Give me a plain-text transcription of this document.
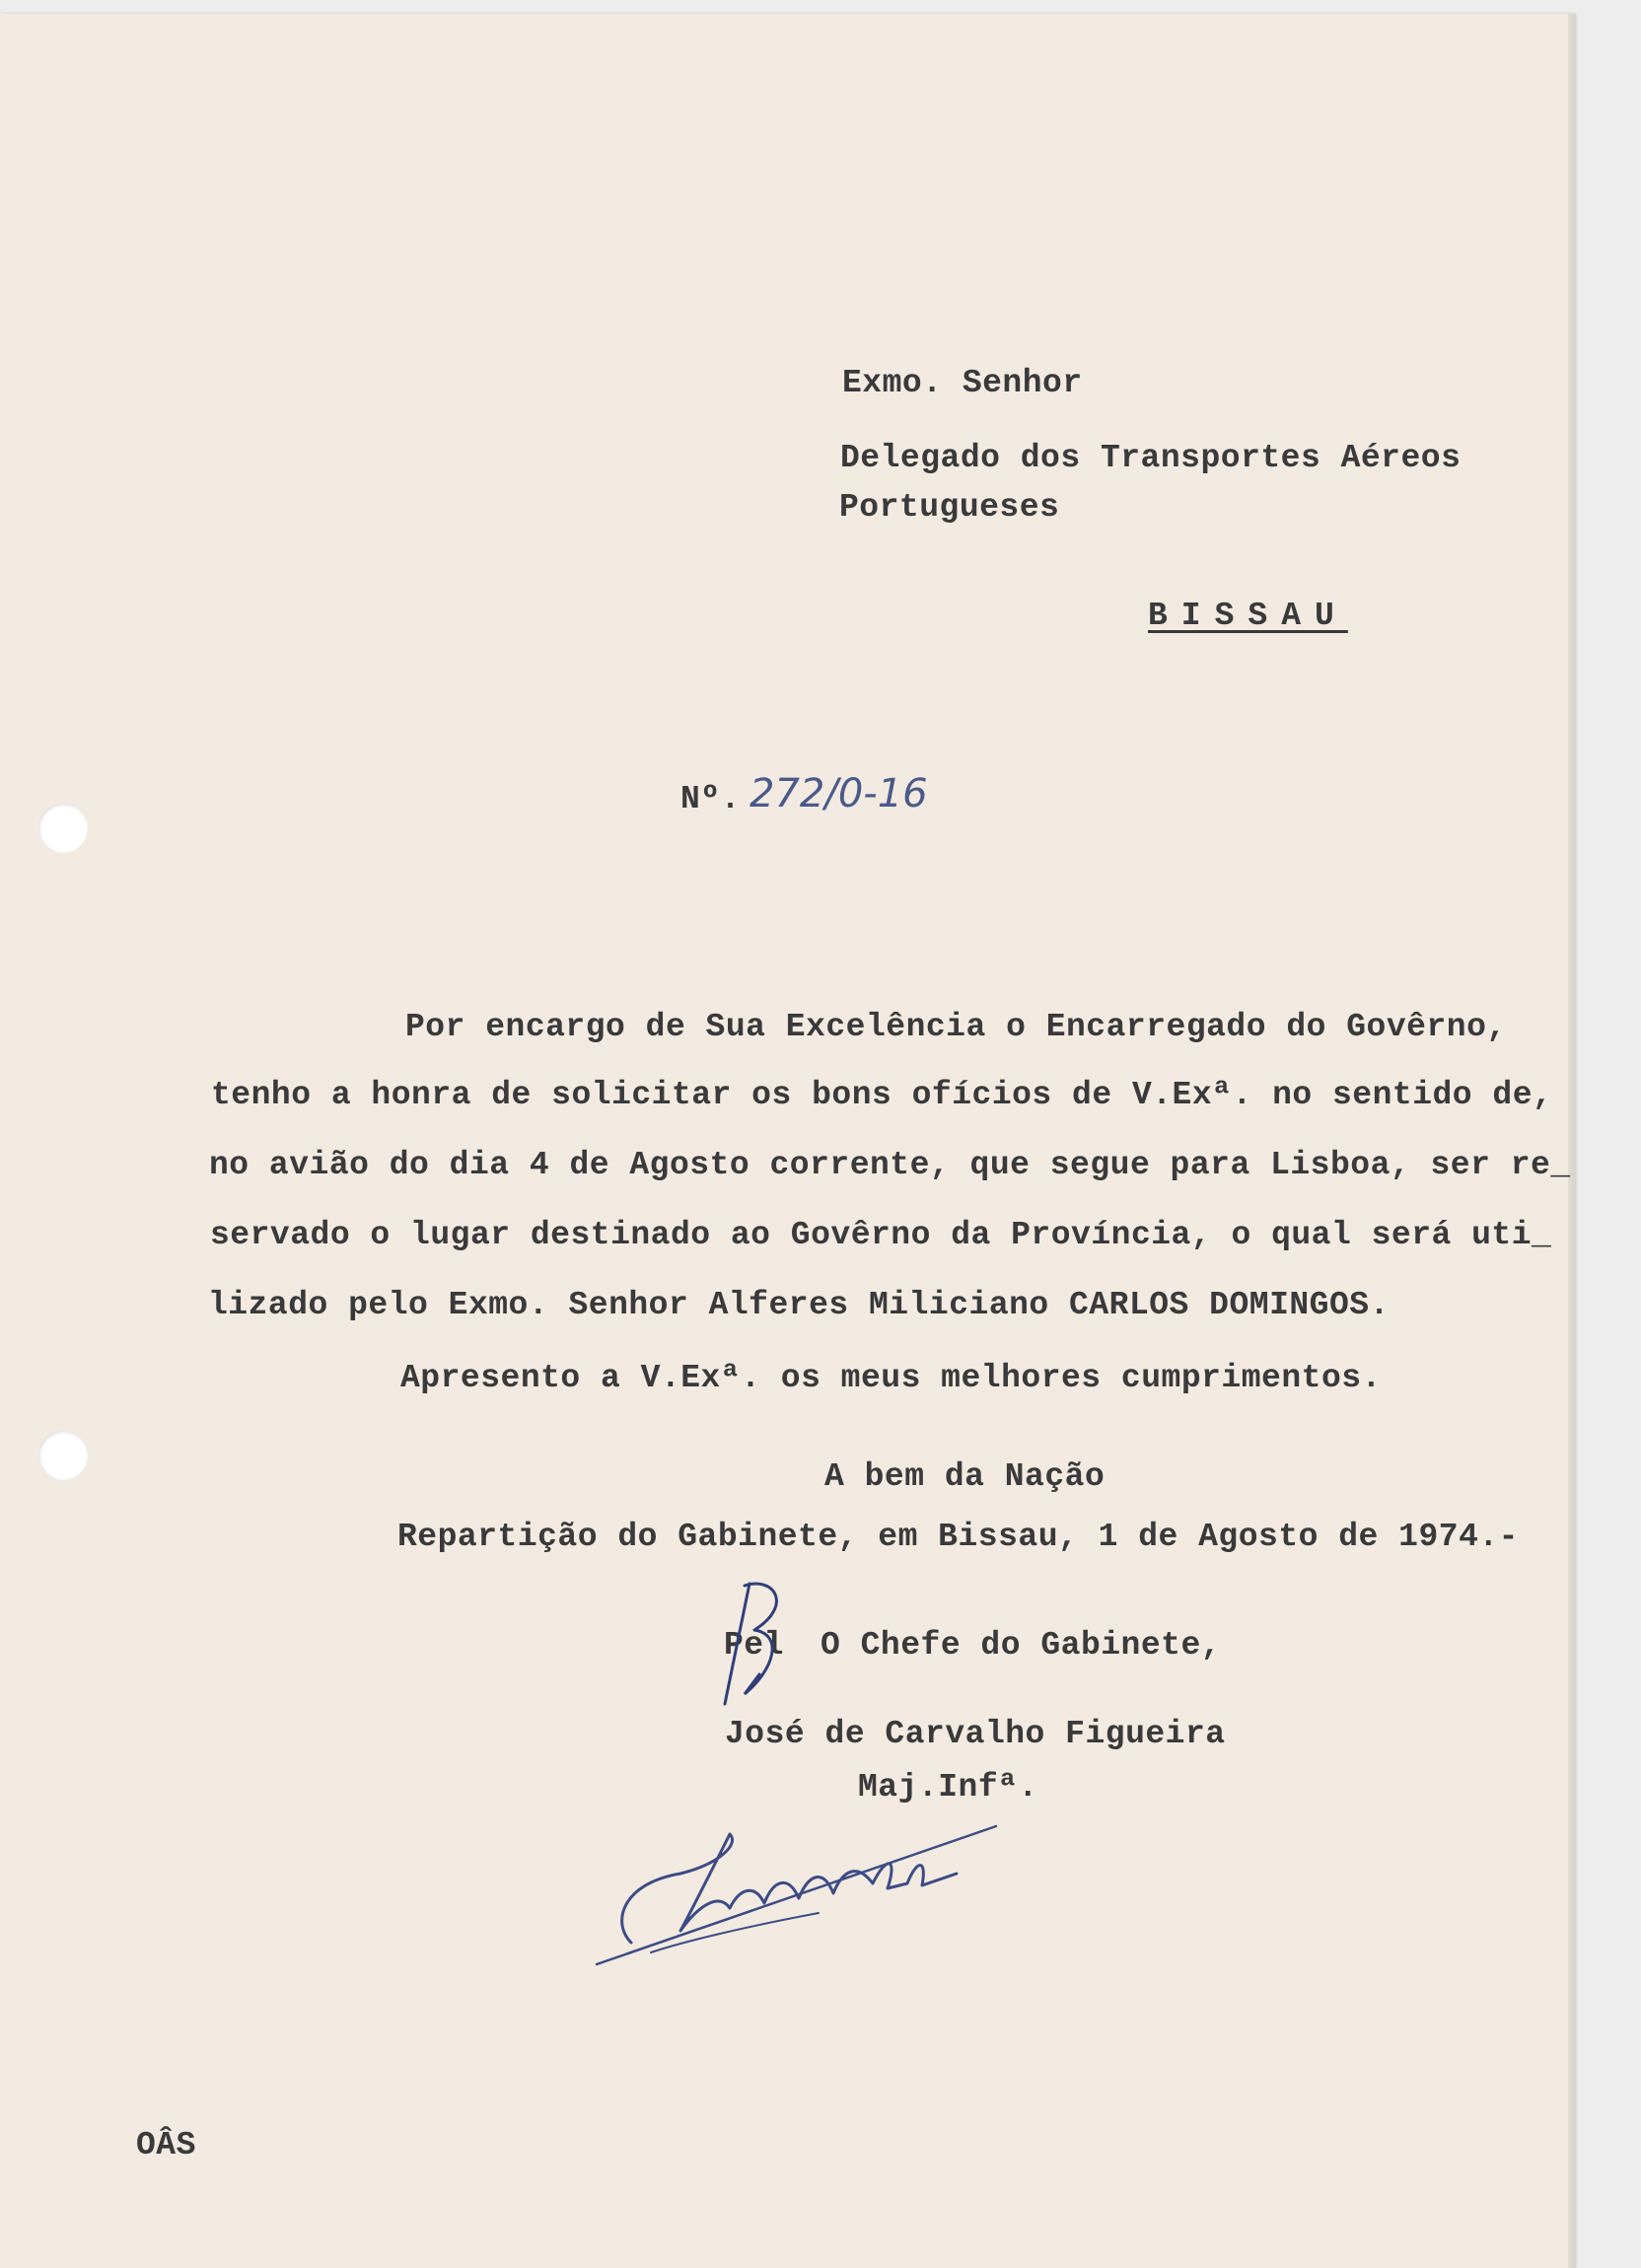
Exmo. Senhor
Delegado dos Transportes Aéreos
Portugueses
BISSAU
Nº. 272/0-16
Por encargo de Sua Excelência o Encarregado do Govêrno,
tenho a honra de solicitar os bons ofícios de V.Exª. no sentido de,
no avião do dia 4 de Agosto corrente, que segue para Lisboa, ser re_
servado o lugar destinado ao Govêrno da Província, o qual será uti_
lizado pelo Exmo. Senhor Alferes Miliciano CARLOS DOMINGOS.
Apresento a V.Exª. os meus melhores cumprimentos.
A bem da Nação
Repartição do Gabinete, em Bissau, 1 de Agosto de 1974.-
Pel O Chefe do Gabinete,
José de Carvalho Figueira
Maj.Infª.
OÂS
